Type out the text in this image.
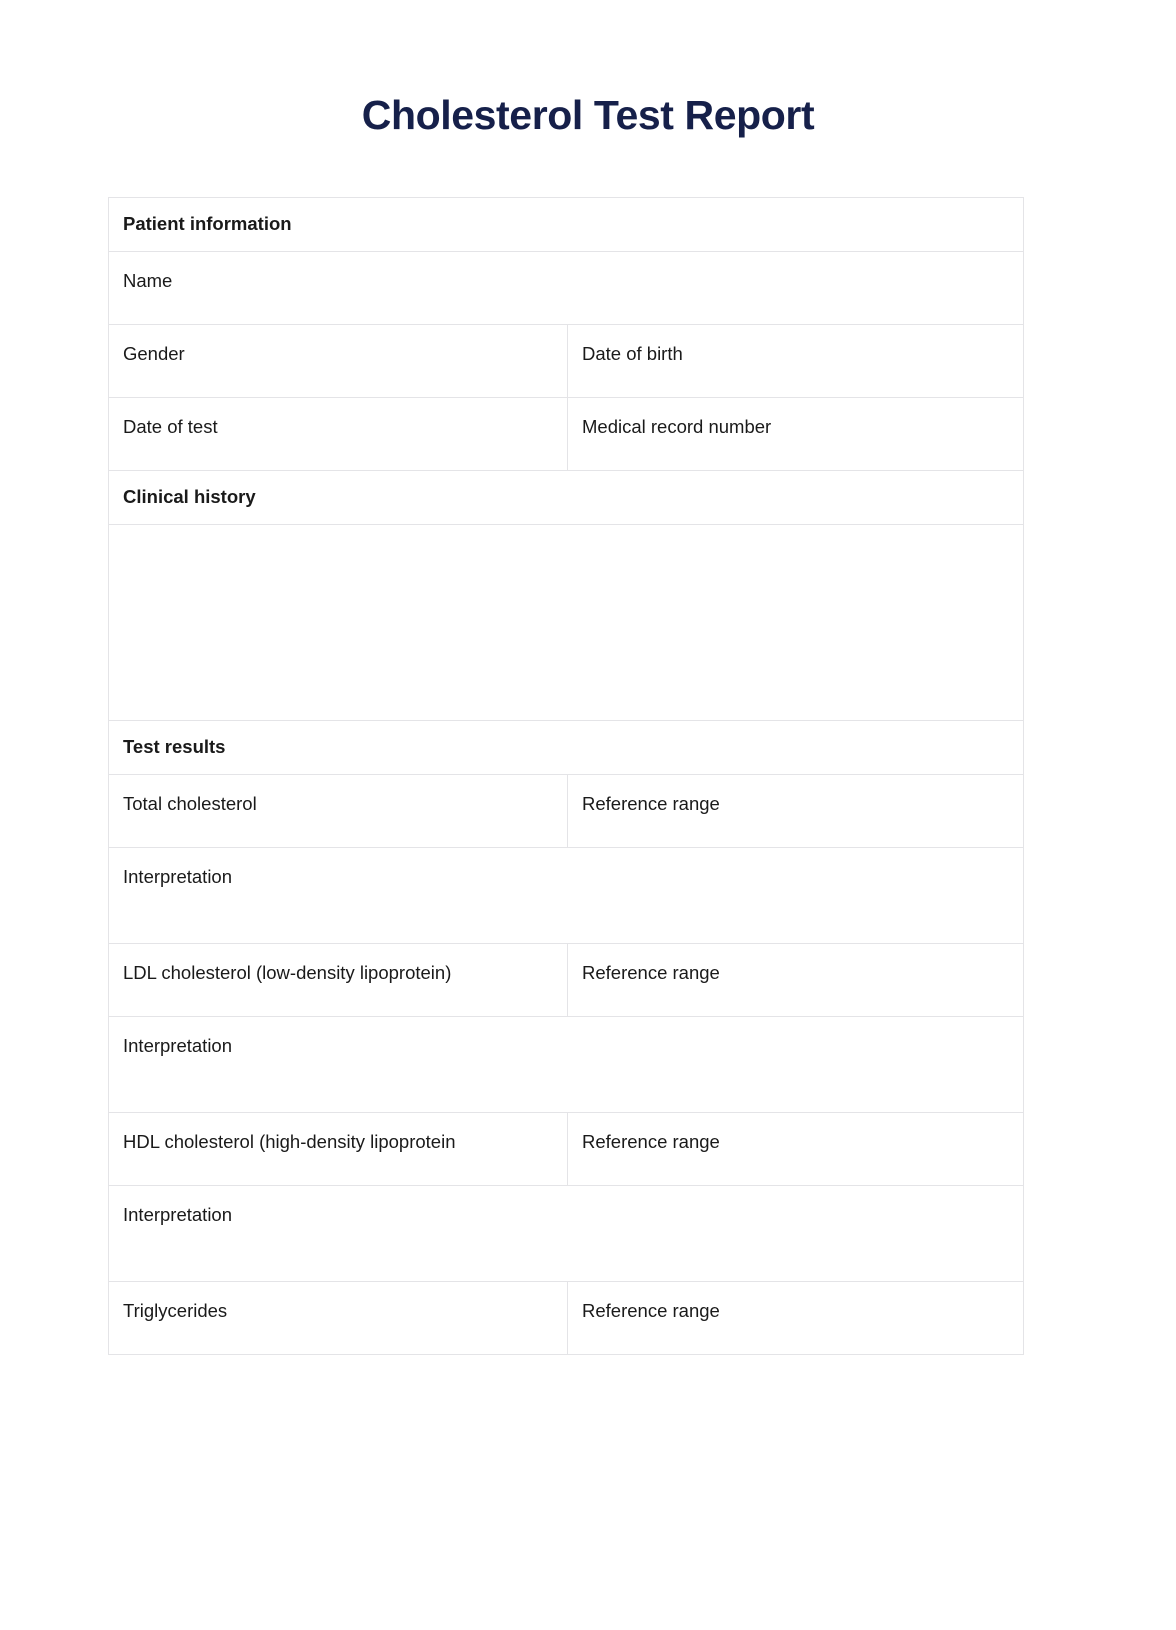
Cholesterol Test Report
Patient information	
Name	
Gender	Date of birth
Date of test	Medical record number
Clinical history	

Test results	
Total cholesterol	Reference range
Interpretation	
LDL cholesterol (low-density lipoprotein)	Reference range
Interpretation	
HDL cholesterol (high-density lipoprotein	Reference range
Interpretation	
Triglycerides	Reference range
